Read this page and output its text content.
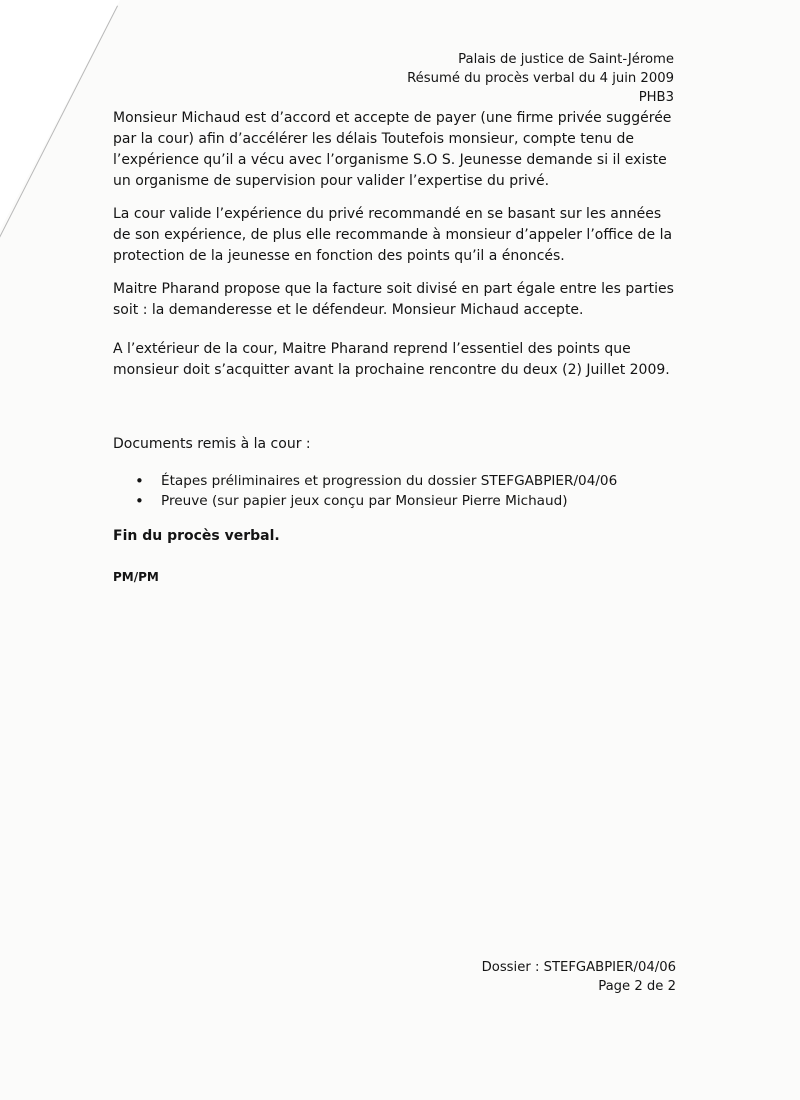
Palais de justice de Saint-Jérome
Résumé du procès verbal du 4 juin 2009
PHB3
Monsieur Michaud est d’accord et accepte de payer (une firme privée suggérée par la cour) afin d’accélérer les délais Toutefois monsieur, compte tenu de l’expérience qu’il a vécu avec l’organisme S.O S. Jeunesse demande si il existe un organisme de supervision pour valider l’expertise du privé.
La cour valide l’expérience du privé recommandé en se basant sur les années de son expérience, de plus elle recommande à monsieur d’appeler l’office de la protection de la jeunesse en fonction des points qu’il a énoncés.
Maitre Pharand propose que la facture soit divisé en part égale entre les parties soit : la demanderesse et le défendeur. Monsieur Michaud accepte.
A l’extérieur de la cour, Maitre Pharand reprend l’essentiel des points que monsieur doit s’acquitter avant la prochaine rencontre du deux (2) Juillet 2009.
Documents remis à la cour :
• Étapes préliminaires et progression du dossier STEFGABPIER/04/06
• Preuve (sur papier jeux conçu par Monsieur Pierre Michaud)
Fin du procès verbal.
PM/PM
Dossier : STEFGABPIER/04/06
Page 2 de 2
